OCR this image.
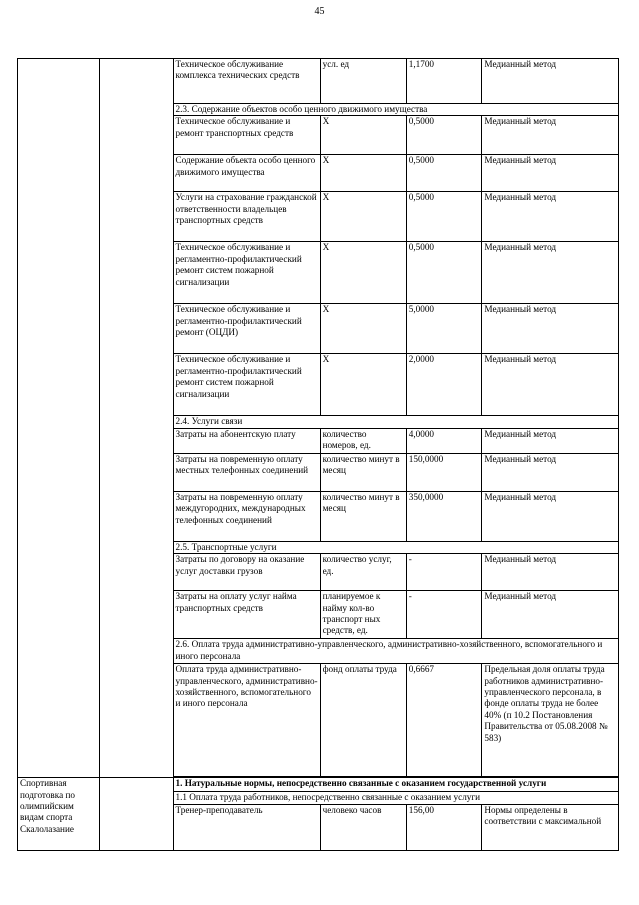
45
		Техническое обслуживание комплекса технических средств	усл. ед	1,1700	Медианный метод
		2.3. Содержание объектов особо ценного движимого имущества			
		Техническое обслуживание и ремонт транспортных средств	Х	0,5000	Медианный метод
		Содержание объекта особо ценного движимого имущества	Х	0,5000	Медианный метод
		Услуги на страхование гражданской ответственности владельцев транспортных средств	Х	0,5000	Медианный метод
		Техническое обслуживание и регламентно-профилактический ремонт систем пожарной сигнализации	Х	0,5000	Медианный метод
		Техническое обслуживание и регламентно-профилактический ремонт (ОЦДИ)	Х	5,0000	Медианный метод
		Техническое обслуживание и регламентно-профилактический ремонт систем пожарной сигнализации	Х	2,0000	Медианный метод
		2.4. Услуги связи			
		Затраты на абонентскую плату	количество номеров, ед.	4,0000	Медианный метод
		Затраты на повременную оплату местных телефонных соединений	количество минут в месяц	150,0000	Медианный метод
		Затраты на повременную оплату междугородних, международных телефонных соединений	количество минут в месяц	350,0000	Медианный метод
		2.5. Транспортные услуги			
		Затраты по договору на оказание услуг доставки грузов	количество услуг, ед.	-	Медианный метод
		Затраты на оплату услуг найма транспортных средств	планируемое к найму кол-во транспорт ных средств, ед.	-	Медианный метод
		2.6. Оплата труда административно-управленческого, административно-хозяйственного, вспомогательного и иного персонала			
		Оплата труда административно-управленческого, административно-хозяйственного, вспомогательного и иного персонала	фонд оплаты труда	0,6667	Предельная доля оплаты труда работников административно-управленческого персонала, в фонде оплаты труда не более 40% (п 10.2 Постановления Правительства от 05.08.2008 № 583)

Спортивная подготовка по олимпийским видам спорта Скалолазание		1. Натуральные нормы, непосредственно связанные с оказанием государственной услуги			
		1.1 Оплата труда работников, непосредственно связанные с оказанием услуги			
		Тренер-преподаватель	человеко часов	156,00	Нормы определены в соответствии с максимальной
